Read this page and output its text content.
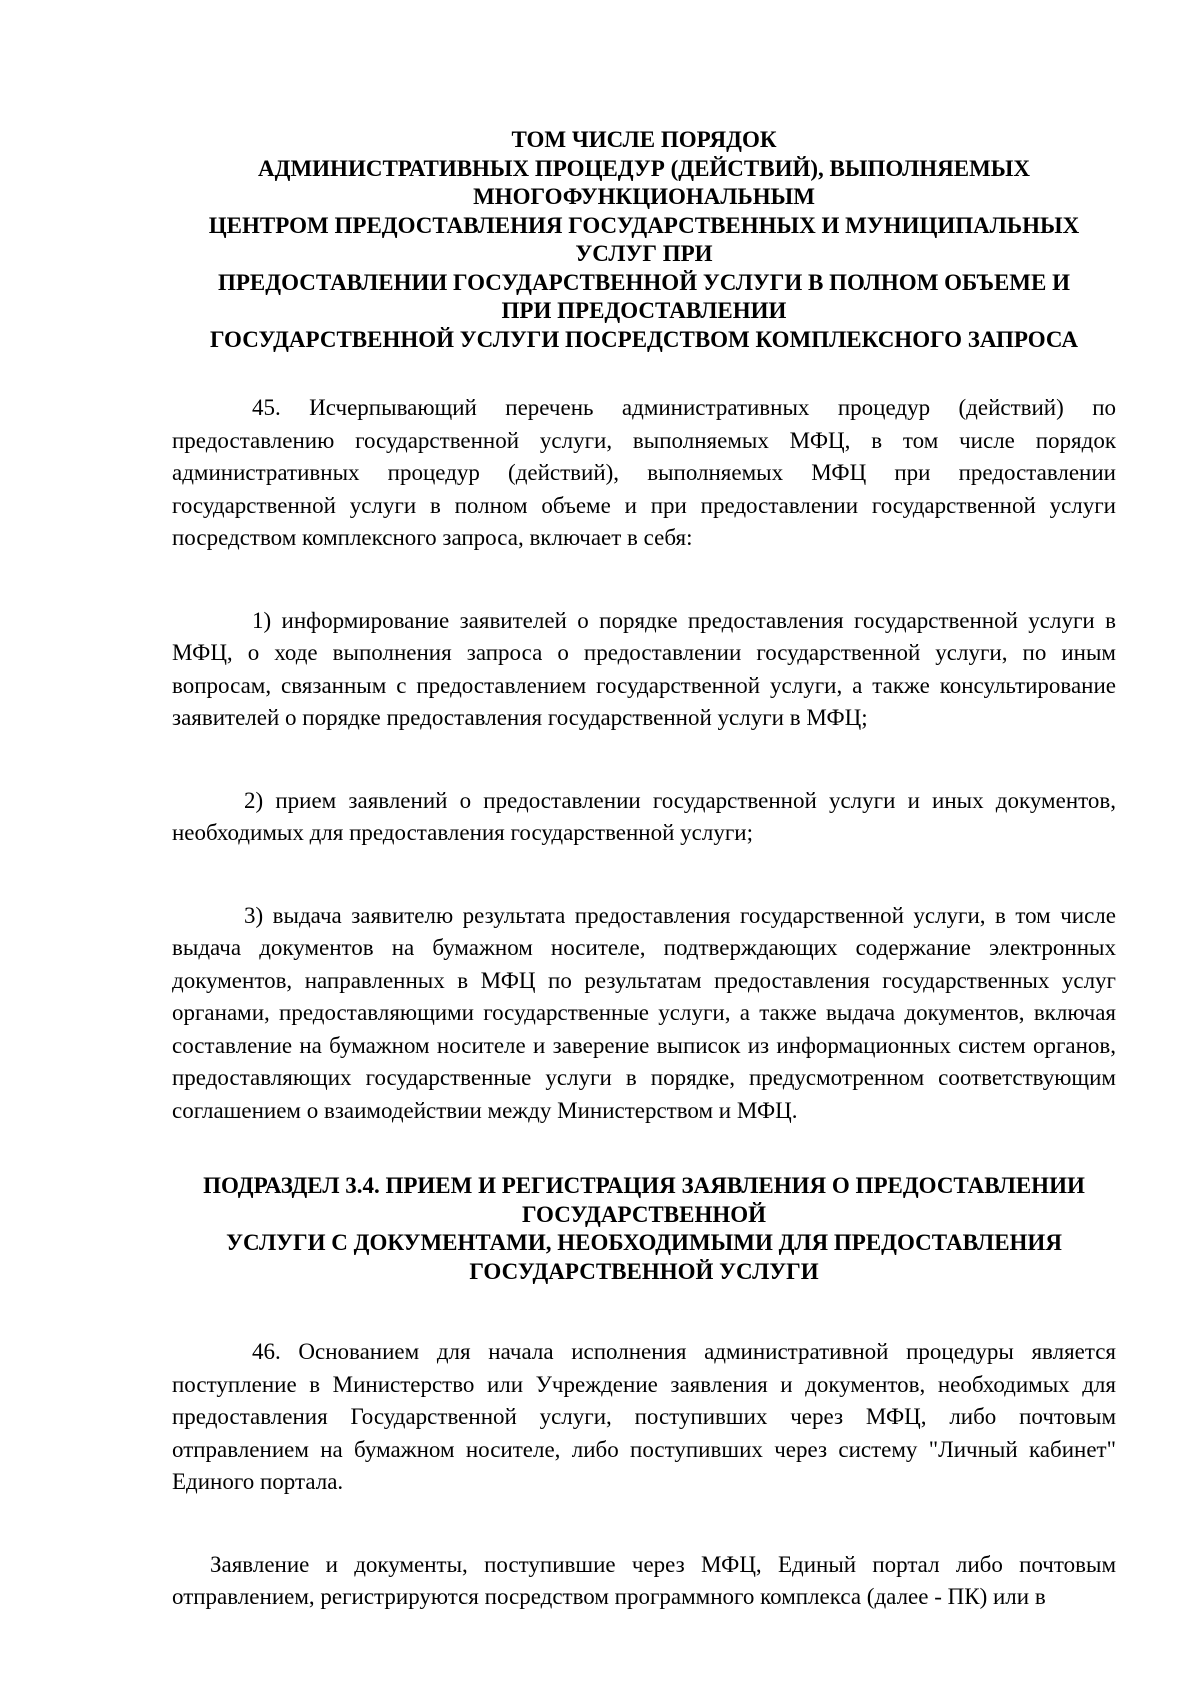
ТОМ ЧИСЛЕ ПОРЯДОК
АДМИНИСТРАТИВНЫХ ПРОЦЕДУР (ДЕЙСТВИЙ), ВЫПОЛНЯЕМЫХ
МНОГОФУНКЦИОНАЛЬНЫМ
ЦЕНТРОМ ПРЕДОСТАВЛЕНИЯ ГОСУДАРСТВЕННЫХ И МУНИЦИПАЛЬНЫХ
УСЛУГ ПРИ
ПРЕДОСТАВЛЕНИИ ГОСУДАРСТВЕННОЙ УСЛУГИ В ПОЛНОМ ОБЪЕМЕ И
ПРИ ПРЕДОСТАВЛЕНИИ
ГОСУДАРСТВЕННОЙ УСЛУГИ ПОСРЕДСТВОМ КОМПЛЕКСНОГО ЗАПРОСА

45. Исчерпывающий перечень административных процедур (действий) по предоставлению государственной услуги, выполняемых МФЦ, в том числе порядок административных процедур (действий), выполняемых МФЦ при предоставлении государственной услуги в полном объеме и при предоставлении государственной услуги посредством комплексного запроса, включает в себя:

1) информирование заявителей о порядке предоставления государственной услуги в МФЦ, о ходе выполнения запроса о предоставлении государственной услуги, по иным вопросам, связанным с предоставлением государственной услуги, а также консультирование заявителей о порядке предоставления государственной услуги в МФЦ;

2) прием заявлений о предоставлении государственной услуги и иных документов, необходимых для предоставления государственной услуги;

3) выдача заявителю результата предоставления государственной услуги, в том числе выдача документов на бумажном носителе, подтверждающих содержание электронных документов, направленных в МФЦ по результатам предоставления государственных услуг органами, предоставляющими государственные услуги, а также выдача документов, включая составление на бумажном носителе и заверение выписок из информационных систем органов, предоставляющих государственные услуги в порядке, предусмотренном соответствующим соглашением о взаимодействии между Министерством и МФЦ.

ПОДРАЗДЕЛ 3.4. ПРИЕМ И РЕГИСТРАЦИЯ ЗАЯВЛЕНИЯ О ПРЕДОСТАВЛЕНИИ
ГОСУДАРСТВЕННОЙ
УСЛУГИ С ДОКУМЕНТАМИ, НЕОБХОДИМЫМИ ДЛЯ ПРЕДОСТАВЛЕНИЯ
ГОСУДАРСТВЕННОЙ УСЛУГИ

46. Основанием для начала исполнения административной процедуры является поступление в Министерство или Учреждение заявления и документов, необходимых для предоставления Государственной услуги, поступивших через МФЦ, либо почтовым отправлением на бумажном носителе, либо поступивших через систему "Личный кабинет" Единого портала.

Заявление и документы, поступившие через МФЦ, Единый портал либо почтовым отправлением, регистрируются посредством программного комплекса (далее - ПК) или в
